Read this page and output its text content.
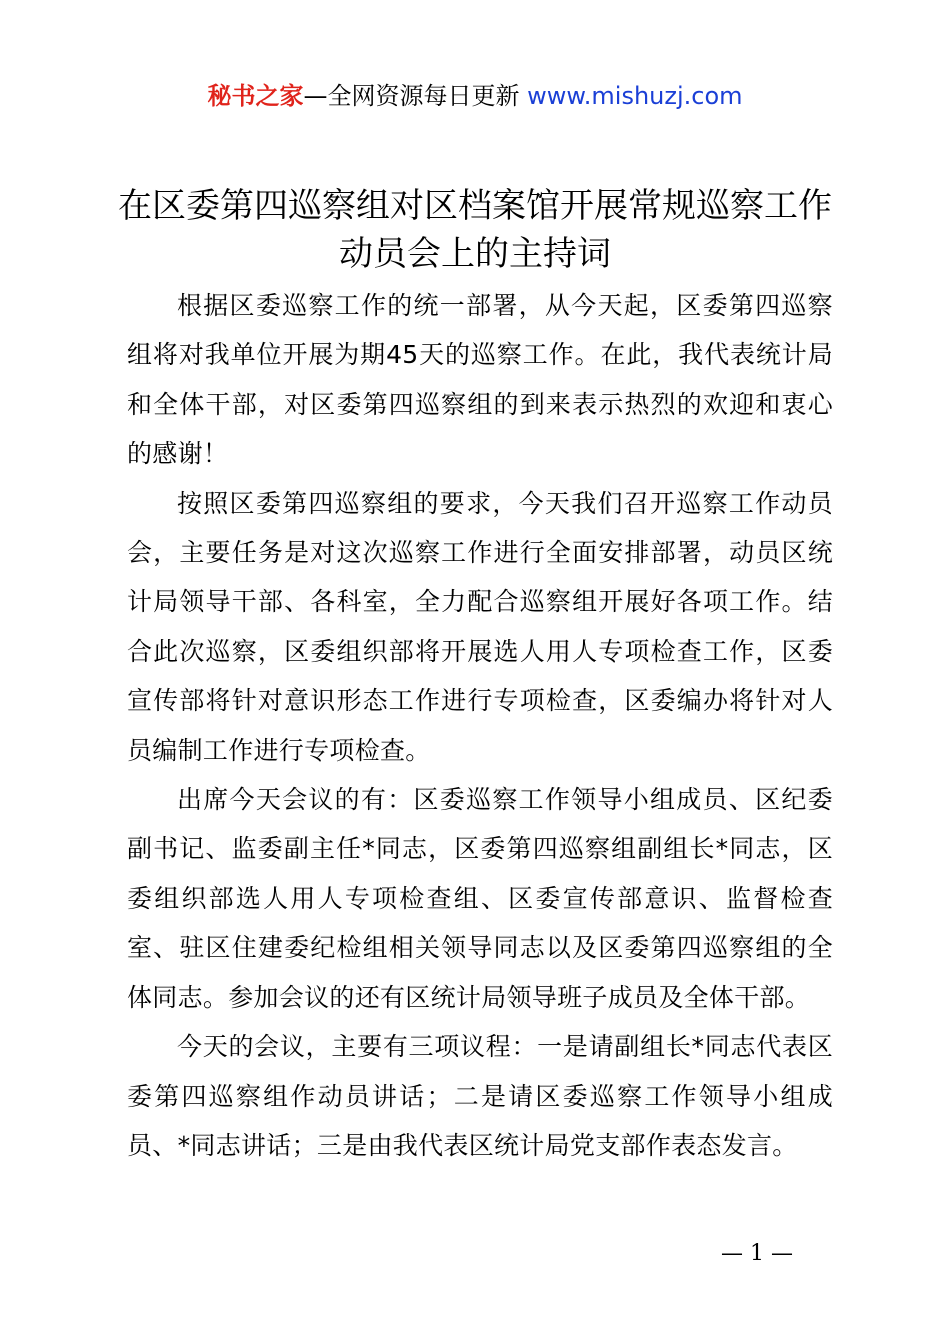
秘书之家—全网资源每日更新 www.mishuzj.com
在区委第四巡察组对区档案馆开展常规巡察工作动员会上的主持词

根据区委巡察工作的统一部署，从今天起，区委第四巡察组将对我单位开展为期45天的巡察工作。在此，我代表统计局和全体干部，对区委第四巡察组的到来表示热烈的欢迎和衷心的感谢！

按照区委第四巡察组的要求，今天我们召开巡察工作动员会，主要任务是对这次巡察工作进行全面安排部署，动员区统计局领导干部、各科室，全力配合巡察组开展好各项工作。结合此次巡察，区委组织部将开展选人用人专项检查工作，区委宣传部将针对意识形态工作进行专项检查，区委编办将针对人员编制工作进行专项检查。

出席今天会议的有：区委巡察工作领导小组成员、区纪委副书记、监委副主任*同志，区委第四巡察组副组长*同志，区委组织部选人用人专项检查组、区委宣传部意识、监督检查室、驻区住建委纪检组相关领导同志以及区委第四巡察组的全体同志。参加会议的还有区统计局领导班子成员及全体干部。

今天的会议，主要有三项议程：一是请副组长*同志代表区委第四巡察组作动员讲话；二是请区委巡察工作领导小组成员、*同志讲话；三是由我代表区统计局党支部作表态发言。

— 1 —
